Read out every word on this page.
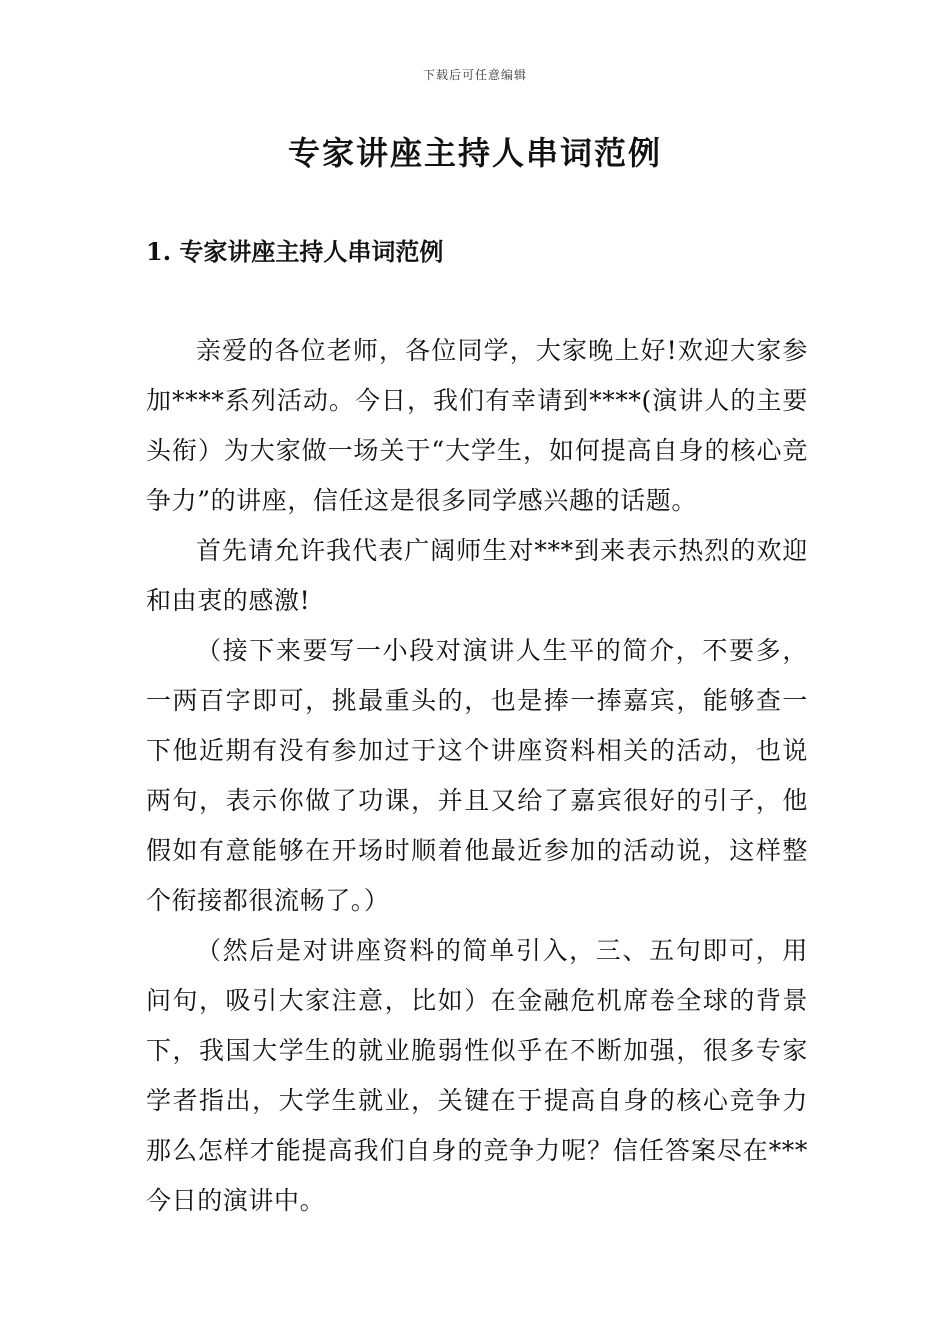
下载后可任意编辑
专家讲座主持人串词范例
1. 专家讲座主持人串词范例

亲爱的各位老师，各位同学，大家晚上好!欢迎大家参加****系列活动。今日，我们有幸请到****(演讲人的主要头衔）为大家做一场关于“大学生，如何提高自身的核心竞争力”的讲座，信任这是很多同学感兴趣的话题。

首先请允许我代表广阔师生对***到来表示热烈的欢迎和由衷的感激!

（接下来要写一小段对演讲人生平的简介，不要多，一两百字即可，挑最重头的，也是捧一捧嘉宾，能够查一下他近期有没有参加过于这个讲座资料相关的活动，也说两句，表示你做了功课，并且又给了嘉宾很好的引子，他假如有意能够在开场时顺着他最近参加的活动说，这样整个衔接都很流畅了。）

（然后是对讲座资料的简单引入，三、五句即可，用问句，吸引大家注意，比如）在金融危机席卷全球的背景下，我国大学生的就业脆弱性似乎在不断加强，很多专家学者指出，大学生就业，关键在于提高自身的核心竞争力那么怎样才能提高我们自身的竞争力呢？信任答案尽在***今日的演讲中。
